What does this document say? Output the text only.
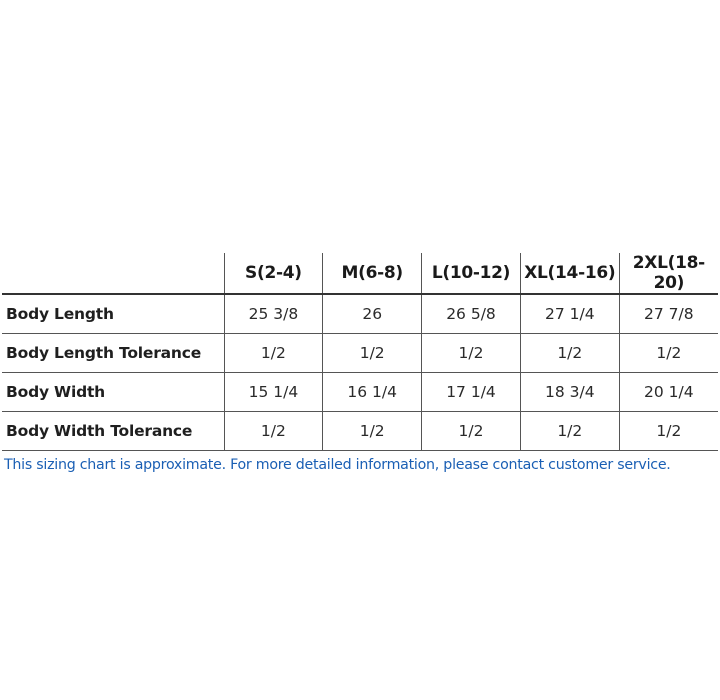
	S(2-4)	M(6-8)	L(10-12)	XL(14-16)	2XL(18-20)
Body Length	25 3/8	26	26 5/8	27 1/4	27 7/8
Body Length Tolerance	1/2	1/2	1/2	1/2	1/2
Body Width	15 1/4	16 1/4	17 1/4	18 3/4	20 1/4
Body Width Tolerance	1/2	1/2	1/2	1/2	1/2
This sizing chart is approximate. For more detailed information, please contact customer service.
